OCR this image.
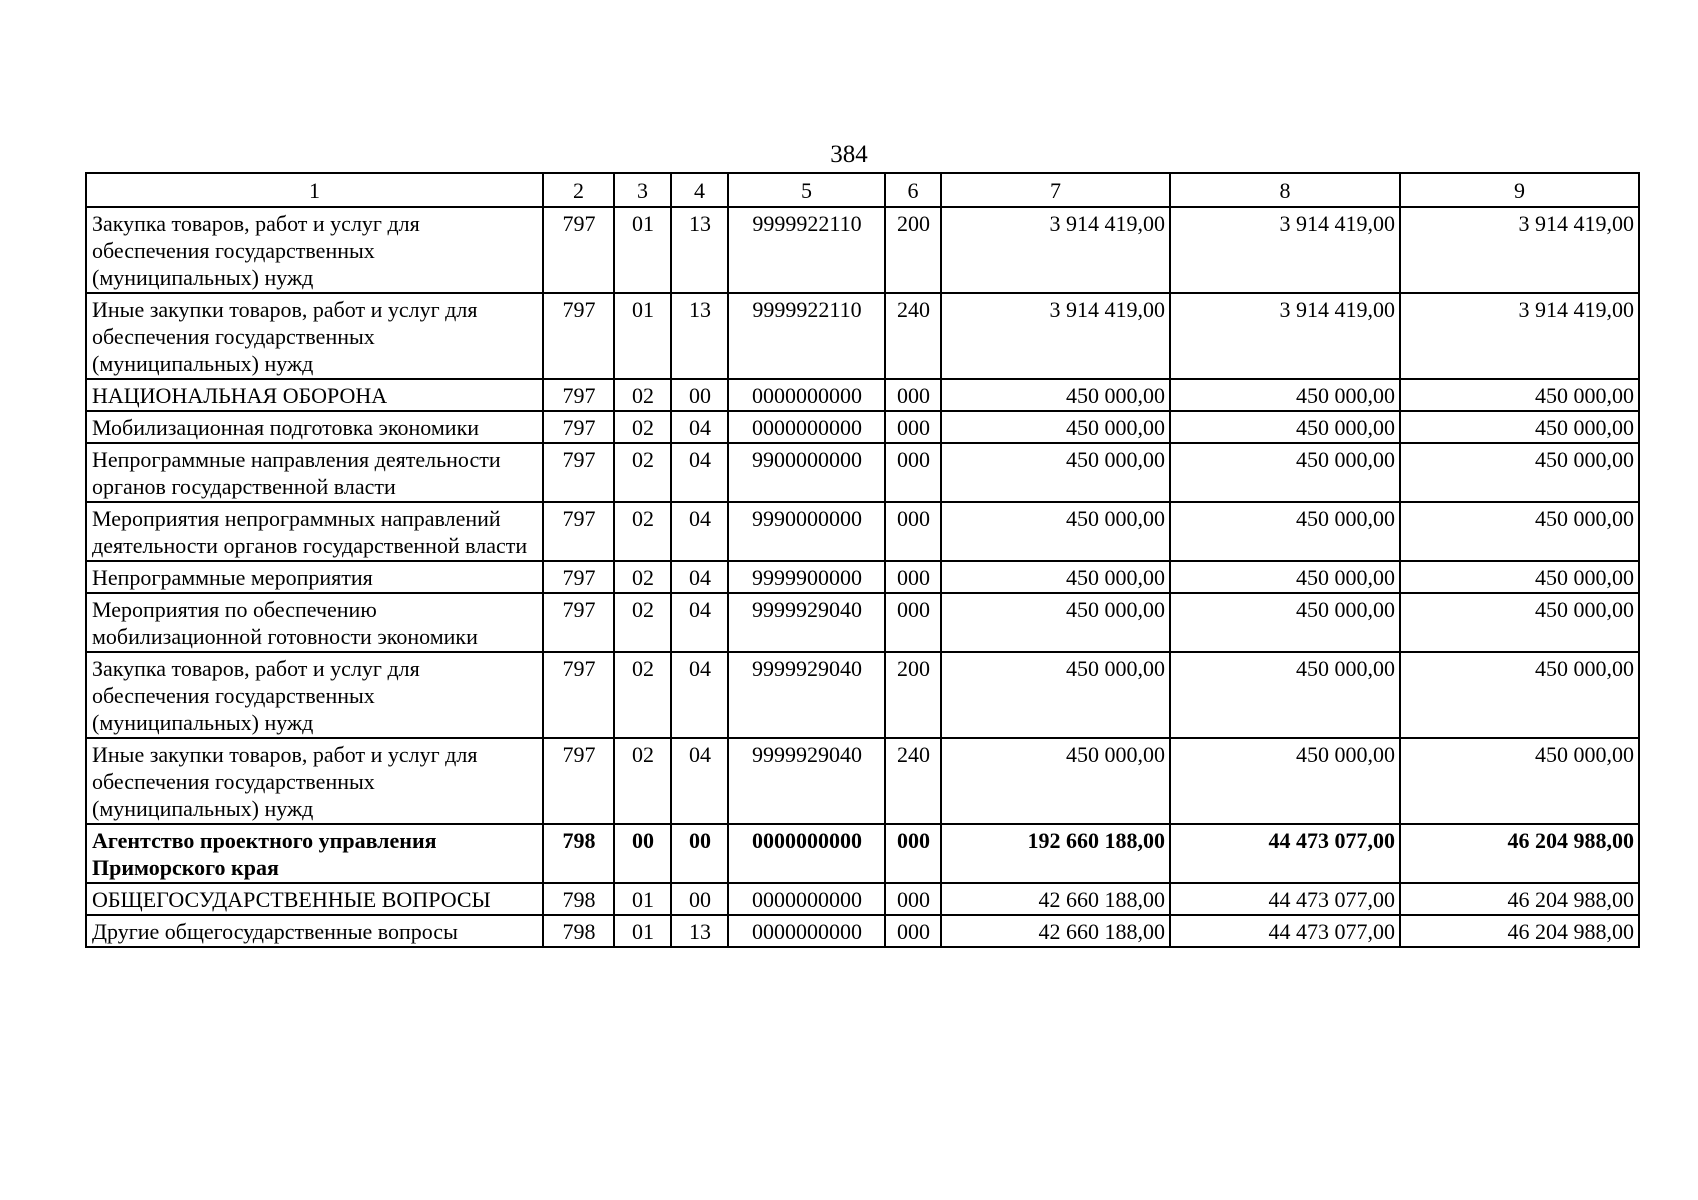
384
1	2	3	4	5	6	7	8	9
Закупка товаров, работ и услуг для обеспечения государственных (муниципальных) нужд	797	01	13	9999922110	200	3 914 419,00	3 914 419,00	3 914 419,00
Иные закупки товаров, работ и услуг для обеспечения государственных (муниципальных) нужд	797	01	13	9999922110	240	3 914 419,00	3 914 419,00	3 914 419,00
НАЦИОНАЛЬНАЯ ОБОРОНА	797	02	00	0000000000	000	450 000,00	450 000,00	450 000,00
Мобилизационная подготовка экономики	797	02	04	0000000000	000	450 000,00	450 000,00	450 000,00
Непрограммные направления деятельности органов государственной власти	797	02	04	9900000000	000	450 000,00	450 000,00	450 000,00
Мероприятия непрограммных направлений деятельности органов государственной власти	797	02	04	9990000000	000	450 000,00	450 000,00	450 000,00
Непрограммные мероприятия	797	02	04	9999900000	000	450 000,00	450 000,00	450 000,00
Мероприятия по обеспечению мобилизационной готовности экономики	797	02	04	9999929040	000	450 000,00	450 000,00	450 000,00
Закупка товаров, работ и услуг для обеспечения государственных (муниципальных) нужд	797	02	04	9999929040	200	450 000,00	450 000,00	450 000,00
Иные закупки товаров, работ и услуг для обеспечения государственных (муниципальных) нужд	797	02	04	9999929040	240	450 000,00	450 000,00	450 000,00
Агентство проектного управления Приморского края	798	00	00	0000000000	000	192 660 188,00	44 473 077,00	46 204 988,00
ОБЩЕГОСУДАРСТВЕННЫЕ ВОПРОСЫ	798	01	00	0000000000	000	42 660 188,00	44 473 077,00	46 204 988,00
Другие общегосударственные вопросы	798	01	13	0000000000	000	42 660 188,00	44 473 077,00	46 204 988,00
